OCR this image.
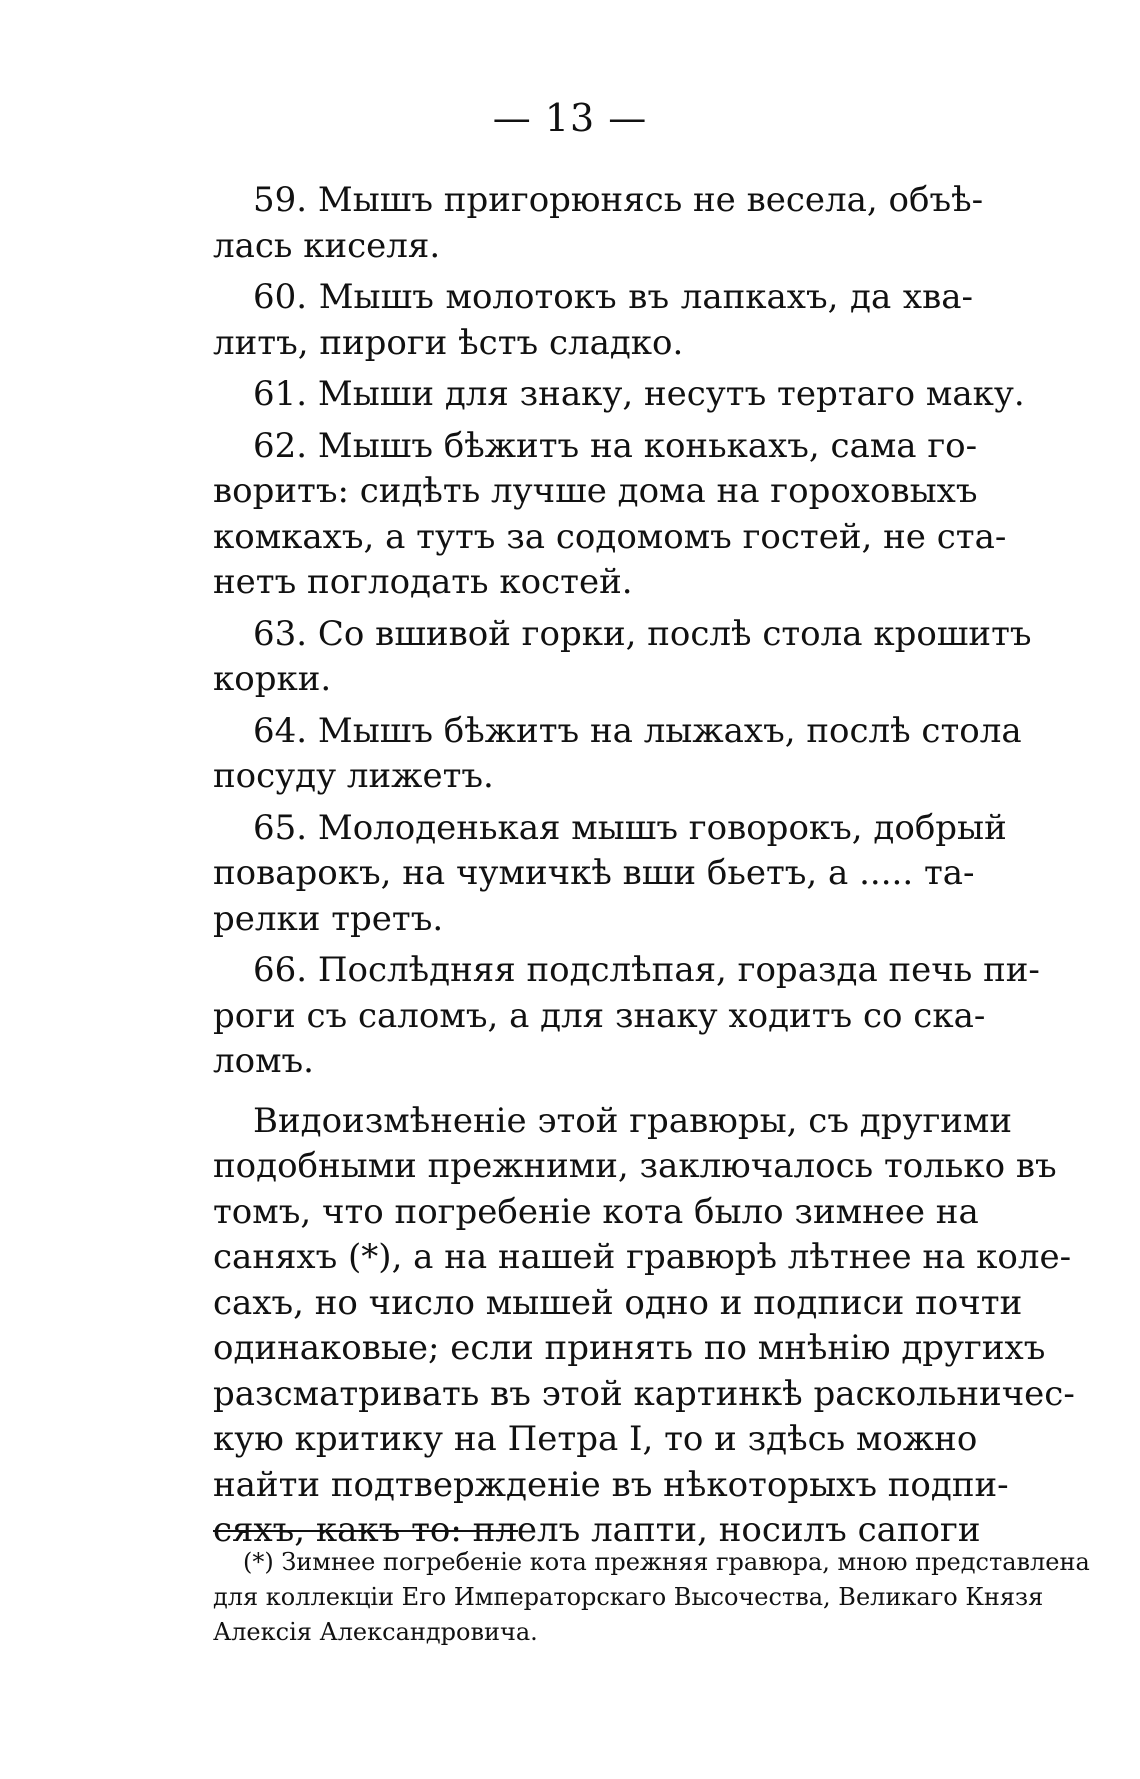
— 13 —
59. Мышъ пригорюнясь не весела, объѣ-
лась киселя.
60. Мышъ молотокъ въ лапкахъ, да хва-
литъ, пироги ѣстъ сладко.
61. Мыши для знаку, несутъ тертаго маку.
62. Мышъ бѣжитъ на конькахъ, сама го-
воритъ: сидѣть лучше дома на гороховыхъ
комкахъ, а тутъ за содомомъ гостей, не ста-
нетъ поглодать костей.
63. Со вшивой горки, послѣ стола крошитъ
корки.
64. Мышъ бѣжитъ на лыжахъ, послѣ стола
посуду лижетъ.
65. Молоденькая мышъ говорокъ, добрый
поварокъ, на чумичкѣ вши бьетъ, а ..... та-
релки третъ.
66. Послѣдняя подслѣпая, горазда печь пи-
роги съ саломъ, а для знаку ходитъ со ска-
ломъ.
Видоизмѣненіе этой гравюры, съ другими
подобными прежними, заключалось только въ
томъ, что погребеніе кота было зимнее на
саняхъ (*), а на нашей гравюрѣ лѣтнее на коле-
сахъ, но число мышей одно и подписи почти
одинаковые; если принять по мнѣнію другихъ
разсматривать въ этой картинкѣ раскольничес-
кую критику на Петра I, то и здѣсь можно
найти подтвержденіе въ нѣкоторыхъ подпи-
сяхъ, какъ то: плелъ лапти, носилъ сапоги
(*) Зимнее погребеніе кота прежняя гравюра, мною представлена
для коллекціи Его Императорскаго Высочества, Великаго Князя
Алексія Александровича.
